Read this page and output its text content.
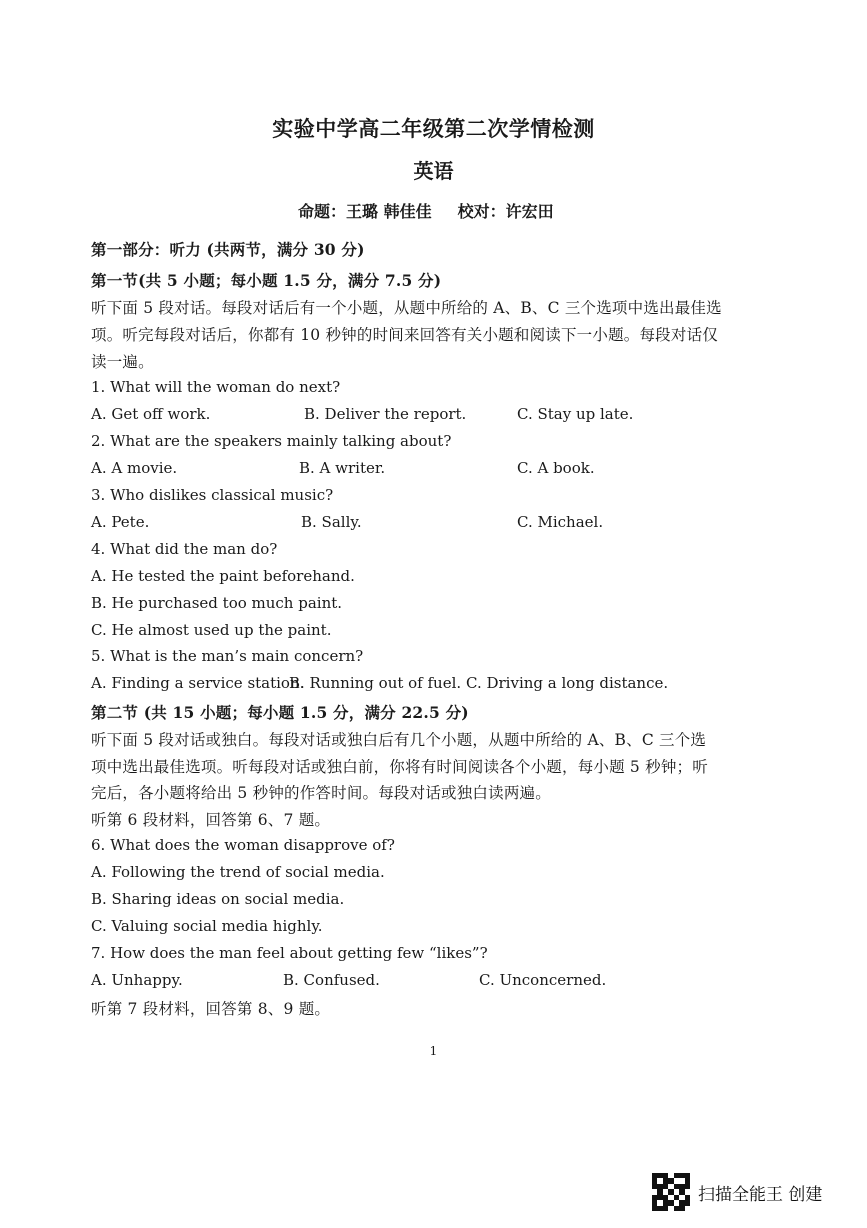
实验中学高二年级第二次学情检测
英语
命题：王璐 韩佳佳 校对：许宏田
第一部分：听力 (共两节，满分 30 分)
第一节(共 5 小题；每小题 1.5 分，满分 7.5 分)
听下面 5 段对话。每段对话后有一个小题，从题中所给的 A、B、C 三个选项中选出最佳选
项。听完每段对话后，你都有 10 秒钟的时间来回答有关小题和阅读下一小题。每段对话仅
读一遍。
1. What will the woman do next?
A. Get off work.	B. Deliver the report.	C. Stay up late.
2. What are the speakers mainly talking about?
A. A movie.	B. A writer.	C. A book.
3. Who dislikes classical music?
A. Pete.	B. Sally.	C. Michael.
4. What did the man do?
A. He tested the paint beforehand.
B. He purchased too much paint.
C. He almost used up the paint.
5. What is the man’s main concern?
A. Finding a service station.
B. Running out of fuel. C. Driving a long distance.
第二节 (共 15 小题；每小题 1.5 分，满分 22.5 分)
听下面 5 段对话或独白。每段对话或独白后有几个小题，从题中所给的 A、B、C 三个选
项中选出最佳选项。听每段对话或独白前，你将有时间阅读各个小题，每小题 5 秒钟；听
完后，各小题将给出 5 秒钟的作答时间。每段对话或独白读两遍。
听第 6 段材料，回答第 6、7 题。
6. What does the woman disapprove of?
A. Following the trend of social media.
B. Sharing ideas on social media.
C. Valuing social media highly.
7. How does the man feel about getting few “likes”?
A. Unhappy.	B. Confused.	C. Unconcerned.
听第 7 段材料，回答第 8、9 题。
1
扫描全能王 创建
